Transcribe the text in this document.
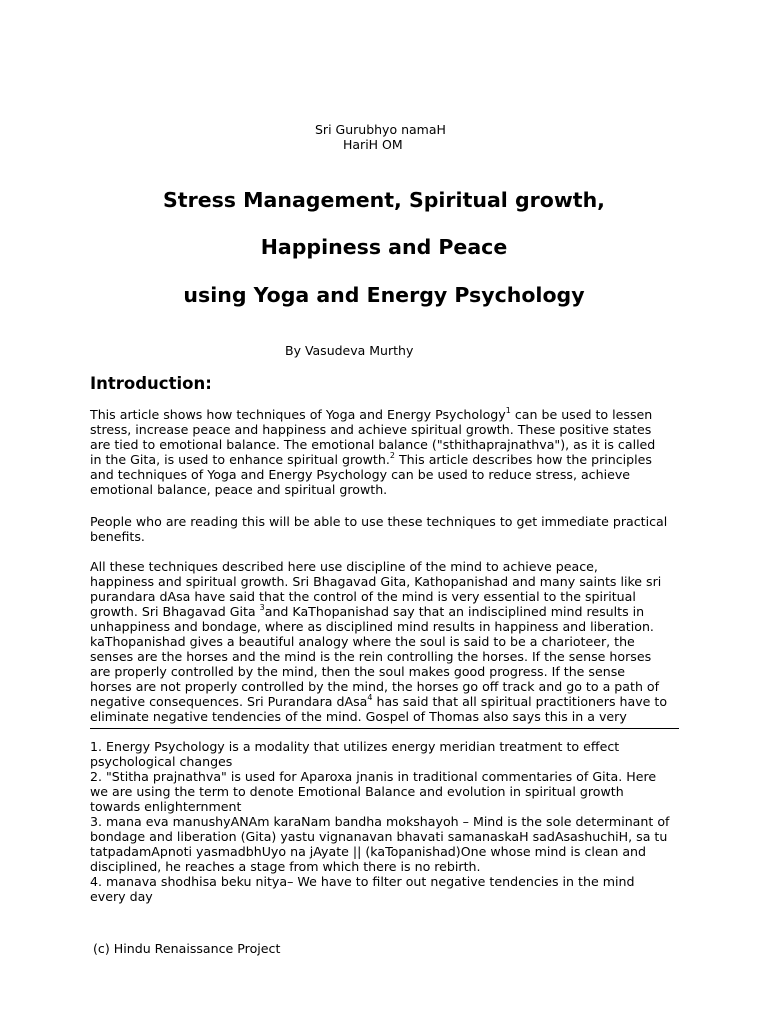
Sri Gurubhyo namaH
HariH OM
Stress Management, Spiritual growth,
Happiness and Peace
using Yoga and Energy Psychology
By Vasudeva Murthy
Introduction:
This article shows how techniques of Yoga and Energy Psychology$^1$ can be used to lessen
stress, increase peace and happiness and achieve spiritual growth. These positive states
are tied to emotional balance. The emotional balance ("sthithaprajnathva"), as it is called
in the Gita, is used to enhance spiritual growth.$^2$ This article describes how the principles
and techniques of Yoga and Energy Psychology can be used to reduce stress, achieve
emotional balance, peace and spiritual growth.
People who are reading this will be able to use these techniques to get immediate practical
benefits.
All these techniques described here use discipline of the mind to achieve peace,
happiness and spiritual growth. Sri Bhagavad Gita, Kathopanishad and many saints like sri
purandara dAsa have said that the control of the mind is very essential to the spiritual
growth. Sri Bhagavad Gita $^3$and KaThopanishad say that an indisciplined mind results in
unhappiness and bondage, where as disciplined mind results in happiness and liberation.
kaThopanishad gives a beautiful analogy where the soul is said to be a charioteer, the
senses are the horses and the mind is the rein controlling the horses. If the sense horses
are properly controlled by the mind, then the soul makes good progress. If the sense
horses are not properly controlled by the mind, the horses go off track and go to a path of
negative consequences. Sri Purandara dAsa$^4$ has said that all spiritual practitioners have to
eliminate negative tendencies of the mind. Gospel of Thomas also says this in a very
1. Energy Psychology is a modality that utilizes energy meridian treatment to effect
psychological changes
2. "Stitha prajnathva" is used for Aparoxa jnanis in traditional commentaries of Gita. Here
we are using the term to denote Emotional Balance and evolution in spiritual growth
towards enlighternment
3. mana eva manushyANAm karaNam bandha mokshayoh – Mind is the sole determinant of
bondage and liberation (Gita) yastu vignanavan bhavati samanaskaH sadAsashuchiH, sa tu
tatpadamApnoti yasmadbhUyo na jAyate || (kaTopanishad)One whose mind is clean and
disciplined, he reaches a stage from which there is no rebirth.
4. manava shodhisa beku nitya– We have to filter out negative tendencies in the mind
every day
(c) Hindu Renaissance Project
